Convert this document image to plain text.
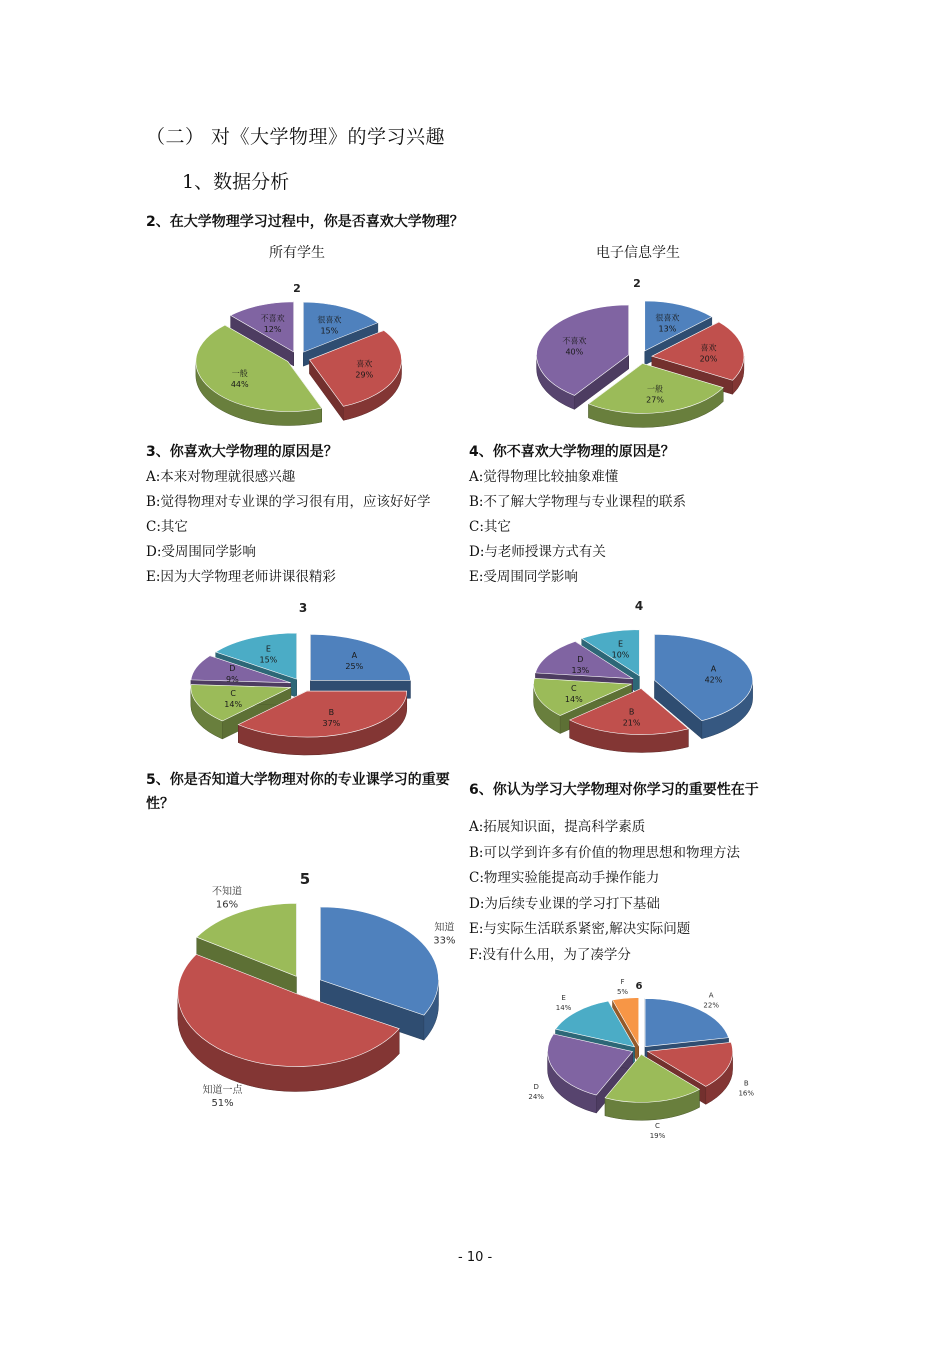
（二） 对《大学物理》的学习兴趣
1、数据分析
2、在大学物理学习过程中，你是否喜欢大学物理？
所有学生	电子信息学生
2
很喜欢
15%
喜欢
29%
一般
44%
不喜欢
12%
2
很喜欢
13%
喜欢
20%
一般
27%
不喜欢
40%
3、你喜欢大学物理的原因是？
A:本来对物理就很感兴趣
B:觉得物理对专业课的学习很有用，应该好好学
C:其它
D:受周围同学影响
E:因为大学物理老师讲课很精彩
4、你不喜欢大学物理的原因是？
A:觉得物理比较抽象难懂
B:不了解大学物理与专业课程的联系
C:其它
D:与老师授课方式有关
E:受周围同学影响
3
A
25%
B
37%
C
14%
D
9%
E
15%
4
A
42%
B
21%
C
14%
D
13%
E
10%
5、你是否知道大学物理对你的专业课学习的重要
性？
5
知道
33%
知道一点
51%
不知道
16%
6、你认为学习大学物理对你学习的重要性在于
A:拓展知识面，提高科学素质
B:可以学到许多有价值的物理思想和物理方法
C:物理实验能提高动手操作能力
D:为后续专业课的学习打下基础
E:与实际生活联系紧密,解决实际问题
F:没有什么用，为了凑学分
6
A
22%
B
16%
C
19%
D
24%
E
14%
F
5%
- 10 -
